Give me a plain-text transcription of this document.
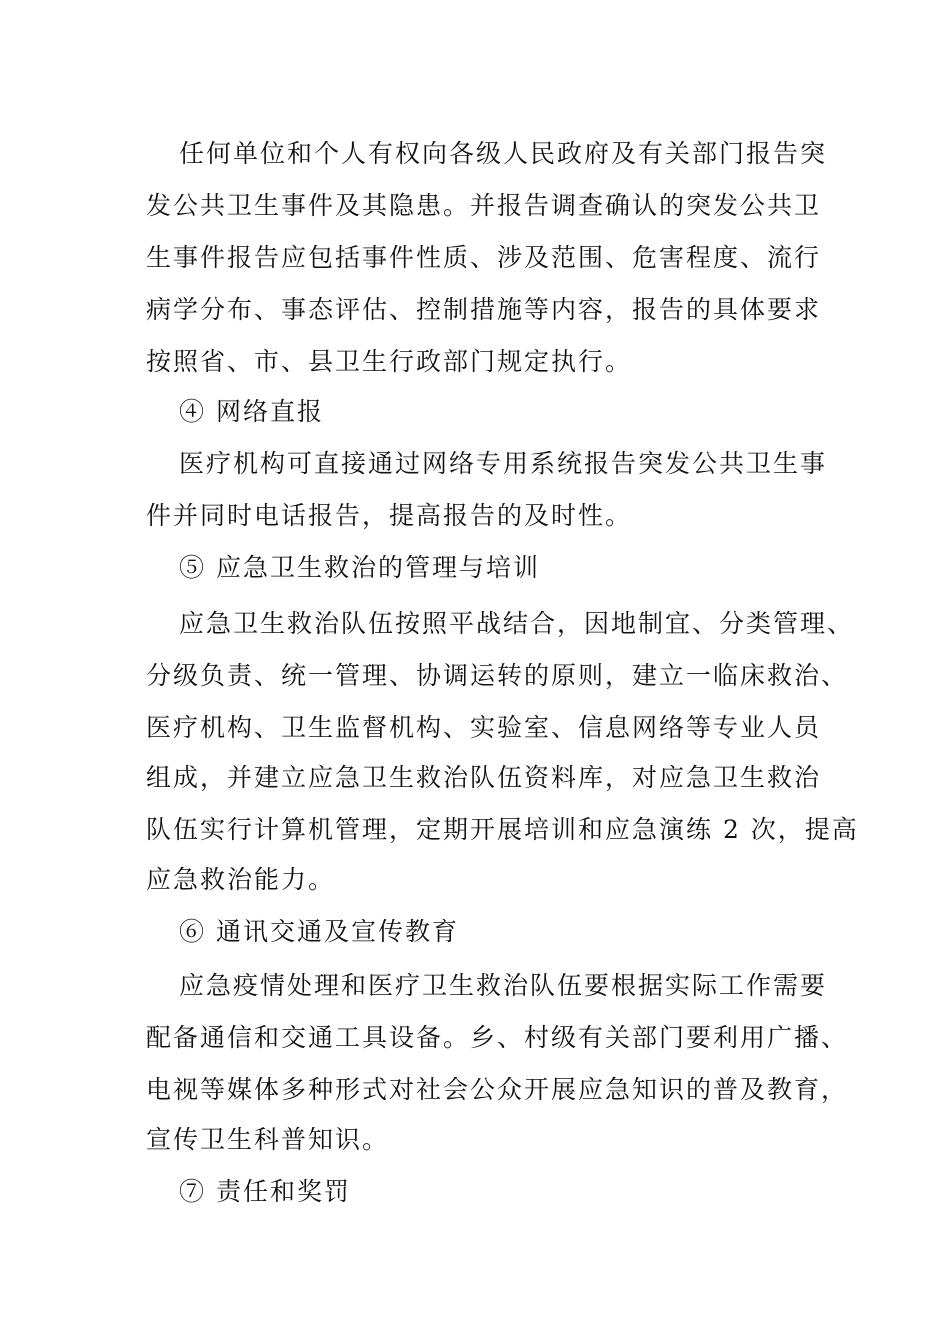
任何单位和个人有权向各级人民政府及有关部门报告突
发公共卫生事件及其隐患。并报告调查确认的突发公共卫
生事件报告应包括事件性质、涉及范围、危害程度、流行
病学分布、事态评估、控制措施等内容，报告的具体要求
按照省、市、县卫生行政部门规定执行。
④ 网络直报
医疗机构可直接通过网络专用系统报告突发公共卫生事
件并同时电话报告，提高报告的及时性。
⑤ 应急卫生救治的管理与培训
应急卫生救治队伍按照平战结合，因地制宜、分类管理、
分级负责、统一管理、协调运转的原则，建立一临床救治、
医疗机构、卫生监督机构、实验室、信息网络等专业人员
组成，并建立应急卫生救治队伍资料库，对应急卫生救治
队伍实行计算机管理，定期开展培训和应急演练 2 次，提高
应急救治能力。
⑥ 通讯交通及宣传教育
应急疫情处理和医疗卫生救治队伍要根据实际工作需要
配备通信和交通工具设备。乡、村级有关部门要利用广播、
电视等媒体多种形式对社会公众开展应急知识的普及教育，
宣传卫生科普知识。
⑦ 责任和奖罚
